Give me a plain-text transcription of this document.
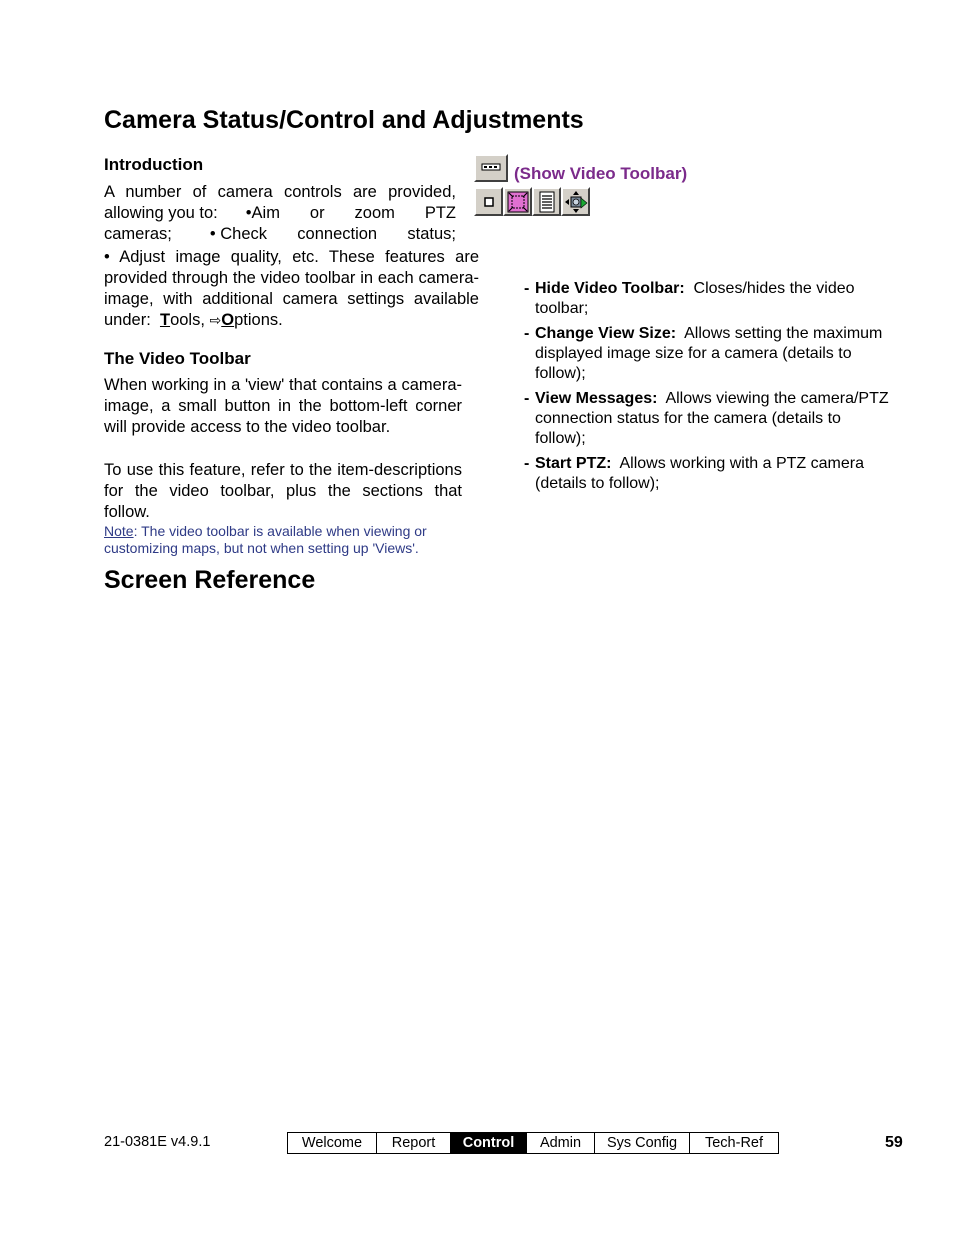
Camera Status/Control and Adjustments
Introduction
A number of camera controls are provided,
allowing you to: • Aim or zoom PTZ
cameras; • Check connection status;
• Adjust image quality, etc. These features are provided through the video toolbar in each camera-image, with additional camera settings available under: Tools, ⇨Options.
The Video Toolbar
When working in a 'view' that contains a camera-image, a small button in the bottom-left corner will provide access to the video toolbar.
To use this feature, refer to the item-descriptions for the video toolbar, plus the sections that follow.
Note: The video toolbar is available when viewing or customizing maps, but not when setting up 'Views'.
Screen Reference
(Show Video Toolbar)
- Hide Video Toolbar: Closes/hides the video toolbar;
- Change View Size: Allows setting the maximum displayed image size for a camera (details to follow);
- View Messages: Allows viewing the camera/PTZ connection status for the camera (details to follow);
- Start PTZ: Allows working with a PTZ camera (details to follow);
21-0381E v4.9.1	Welcome	Report	Control	Admin	Sys Config	Tech-Ref	59
